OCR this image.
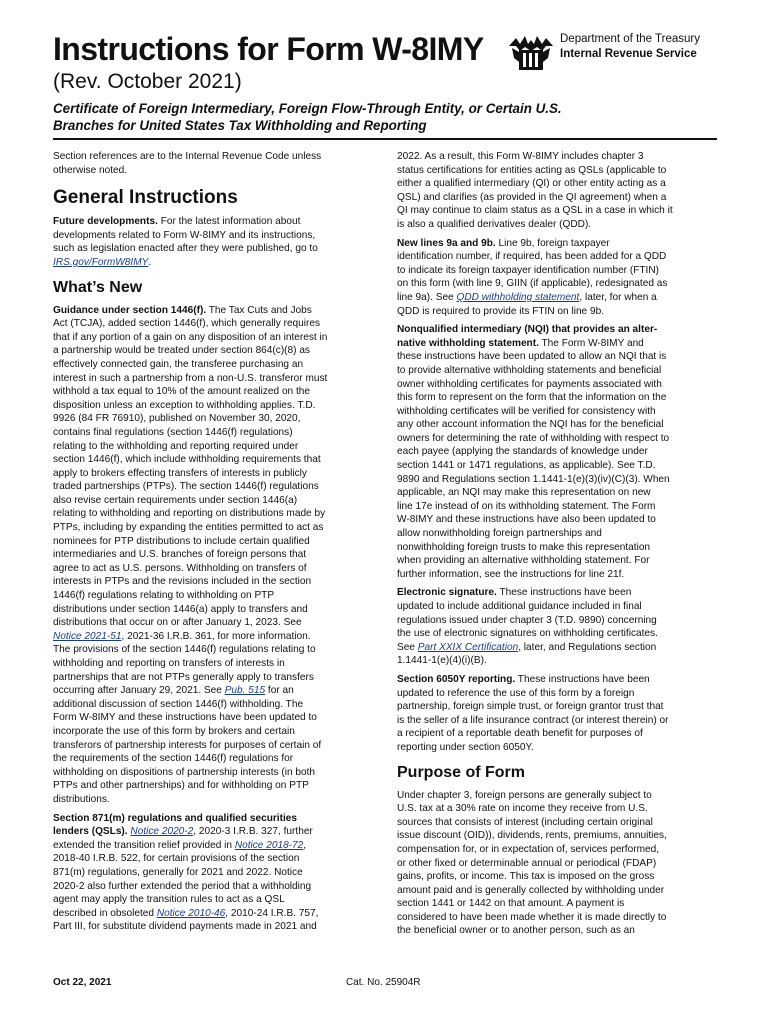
Instructions for Form W-8IMY	Department of the Treasury
Internal Revenue Service
(Rev. October 2021)
Certificate of Foreign Intermediary, Foreign Flow-Through Entity, or Certain U.S.
Branches for United States Tax Withholding and Reporting

Section references are to the Internal Revenue Code unless
otherwise noted.

General Instructions

Future developments. For the latest information about
developments related to Form W-8IMY and its instructions,
such as legislation enacted after they were published, go to
IRS.gov/FormW8IMY.

What’s New

Guidance under section 1446(f). The Tax Cuts and Jobs
Act (TCJA), added section 1446(f), which generally requires
that if any portion of a gain on any disposition of an interest in
a partnership would be treated under section 864(c)(8) as
effectively connected gain, the transferee purchasing an
interest in such a partnership from a non-U.S. transferor must
withhold a tax equal to 10% of the amount realized on the
disposition unless an exception to withholding applies. T.D.
9926 (84 FR 76910), published on November 30, 2020,
contains final regulations (section 1446(f) regulations)
relating to the withholding and reporting required under
section 1446(f), which include withholding requirements that
apply to brokers effecting transfers of interests in publicly
traded partnerships (PTPs). The section 1446(f) regulations
also revise certain requirements under section 1446(a)
relating to withholding and reporting on distributions made by
PTPs, including by expanding the entities permitted to act as
nominees for PTP distributions to include certain qualified
intermediaries and U.S. branches of foreign persons that
agree to act as U.S. persons. Withholding on transfers of
interests in PTPs and the revisions included in the section
1446(f) regulations relating to withholding on PTP
distributions under section 1446(a) apply to transfers and
distributions that occur on or after January 1, 2023. See
Notice 2021-51, 2021-36 I.R.B. 361, for more information.
The provisions of the section 1446(f) regulations relating to
withholding and reporting on transfers of interests in
partnerships that are not PTPs generally apply to transfers
occurring after January 29, 2021. See Pub. 515 for an
additional discussion of section 1446(f) withholding. The
Form W-8IMY and these instructions have been updated to
incorporate the use of this form by brokers and certain
transferors of partnership interests for purposes of certain of
the requirements of the section 1446(f) regulations for
withholding on dispositions of partnership interests (in both
PTPs and other partnerships) and for withholding on PTP
distributions.

Section 871(m) regulations and qualified securities
lenders (QSLs). Notice 2020-2, 2020-3 I.R.B. 327, further
extended the transition relief provided in Notice 2018-72,
2018-40 I.R.B. 522, for certain provisions of the section
871(m) regulations, generally for 2021 and 2022. Notice
2020-2 also further extended the period that a withholding
agent may apply the transition rules to act as a QSL
described in obsoleted Notice 2010-46, 2010-24 I.R.B. 757,
Part III, for substitute dividend payments made in 2021 and

2022. As a result, this Form W-8IMY includes chapter 3
status certifications for entities acting as QSLs (applicable to
either a qualified intermediary (QI) or other entity acting as a
QSL) and clarifies (as provided in the QI agreement) when a
QI may continue to claim status as a QSL in a case in which it
is also a qualified derivatives dealer (QDD).

New lines 9a and 9b. Line 9b, foreign taxpayer
identification number, if required, has been added for a QDD
to indicate its foreign taxpayer identification number (FTIN)
on this form (with line 9, GIIN (if applicable), redesignated as
line 9a). See QDD withholding statement, later, for when a
QDD is required to provide its FTIN on line 9b.

Nonqualified intermediary (NQI) that provides an alter-
native withholding statement. The Form W-8IMY and
these instructions have been updated to allow an NQI that is
to provide alternative withholding statements and beneficial
owner withholding certificates for payments associated with
this form to represent on the form that the information on the
withholding certificates will be verified for consistency with
any other account information the NQI has for the beneficial
owners for determining the rate of withholding with respect to
each payee (applying the standards of knowledge under
section 1441 or 1471 regulations, as applicable). See T.D.
9890 and Regulations section 1.1441-1(e)(3)(iv)(C)(3). When
applicable, an NQI may make this representation on new
line 17e instead of on its withholding statement. The Form
W-8IMY and these instructions have also been updated to
allow nonwithholding foreign partnerships and
nonwithholding foreign trusts to make this representation
when providing an alternative withholding statement. For
further information, see the instructions for line 21f.

Electronic signature. These instructions have been
updated to include additional guidance included in final
regulations issued under chapter 3 (T.D. 9890) concerning
the use of electronic signatures on withholding certificates.
See Part XXIX Certification, later, and Regulations section
1.1441-1(e)(4)(i)(B).

Section 6050Y reporting. These instructions have been
updated to reference the use of this form by a foreign
partnership, foreign simple trust, or foreign grantor trust that
is the seller of a life insurance contract (or interest therein) or
a recipient of a reportable death benefit for purposes of
reporting under section 6050Y.

Purpose of Form

Under chapter 3, foreign persons are generally subject to
U.S. tax at a 30% rate on income they receive from U.S.
sources that consists of interest (including certain original
issue discount (OID)), dividends, rents, premiums, annuities,
compensation for, or in expectation of, services performed,
or other fixed or determinable annual or periodical (FDAP)
gains, profits, or income. This tax is imposed on the gross
amount paid and is generally collected by withholding under
section 1441 or 1442 on that amount. A payment is
considered to have been made whether it is made directly to
the beneficial owner or to another person, such as an

Oct 22, 2021	Cat. No. 25904R
